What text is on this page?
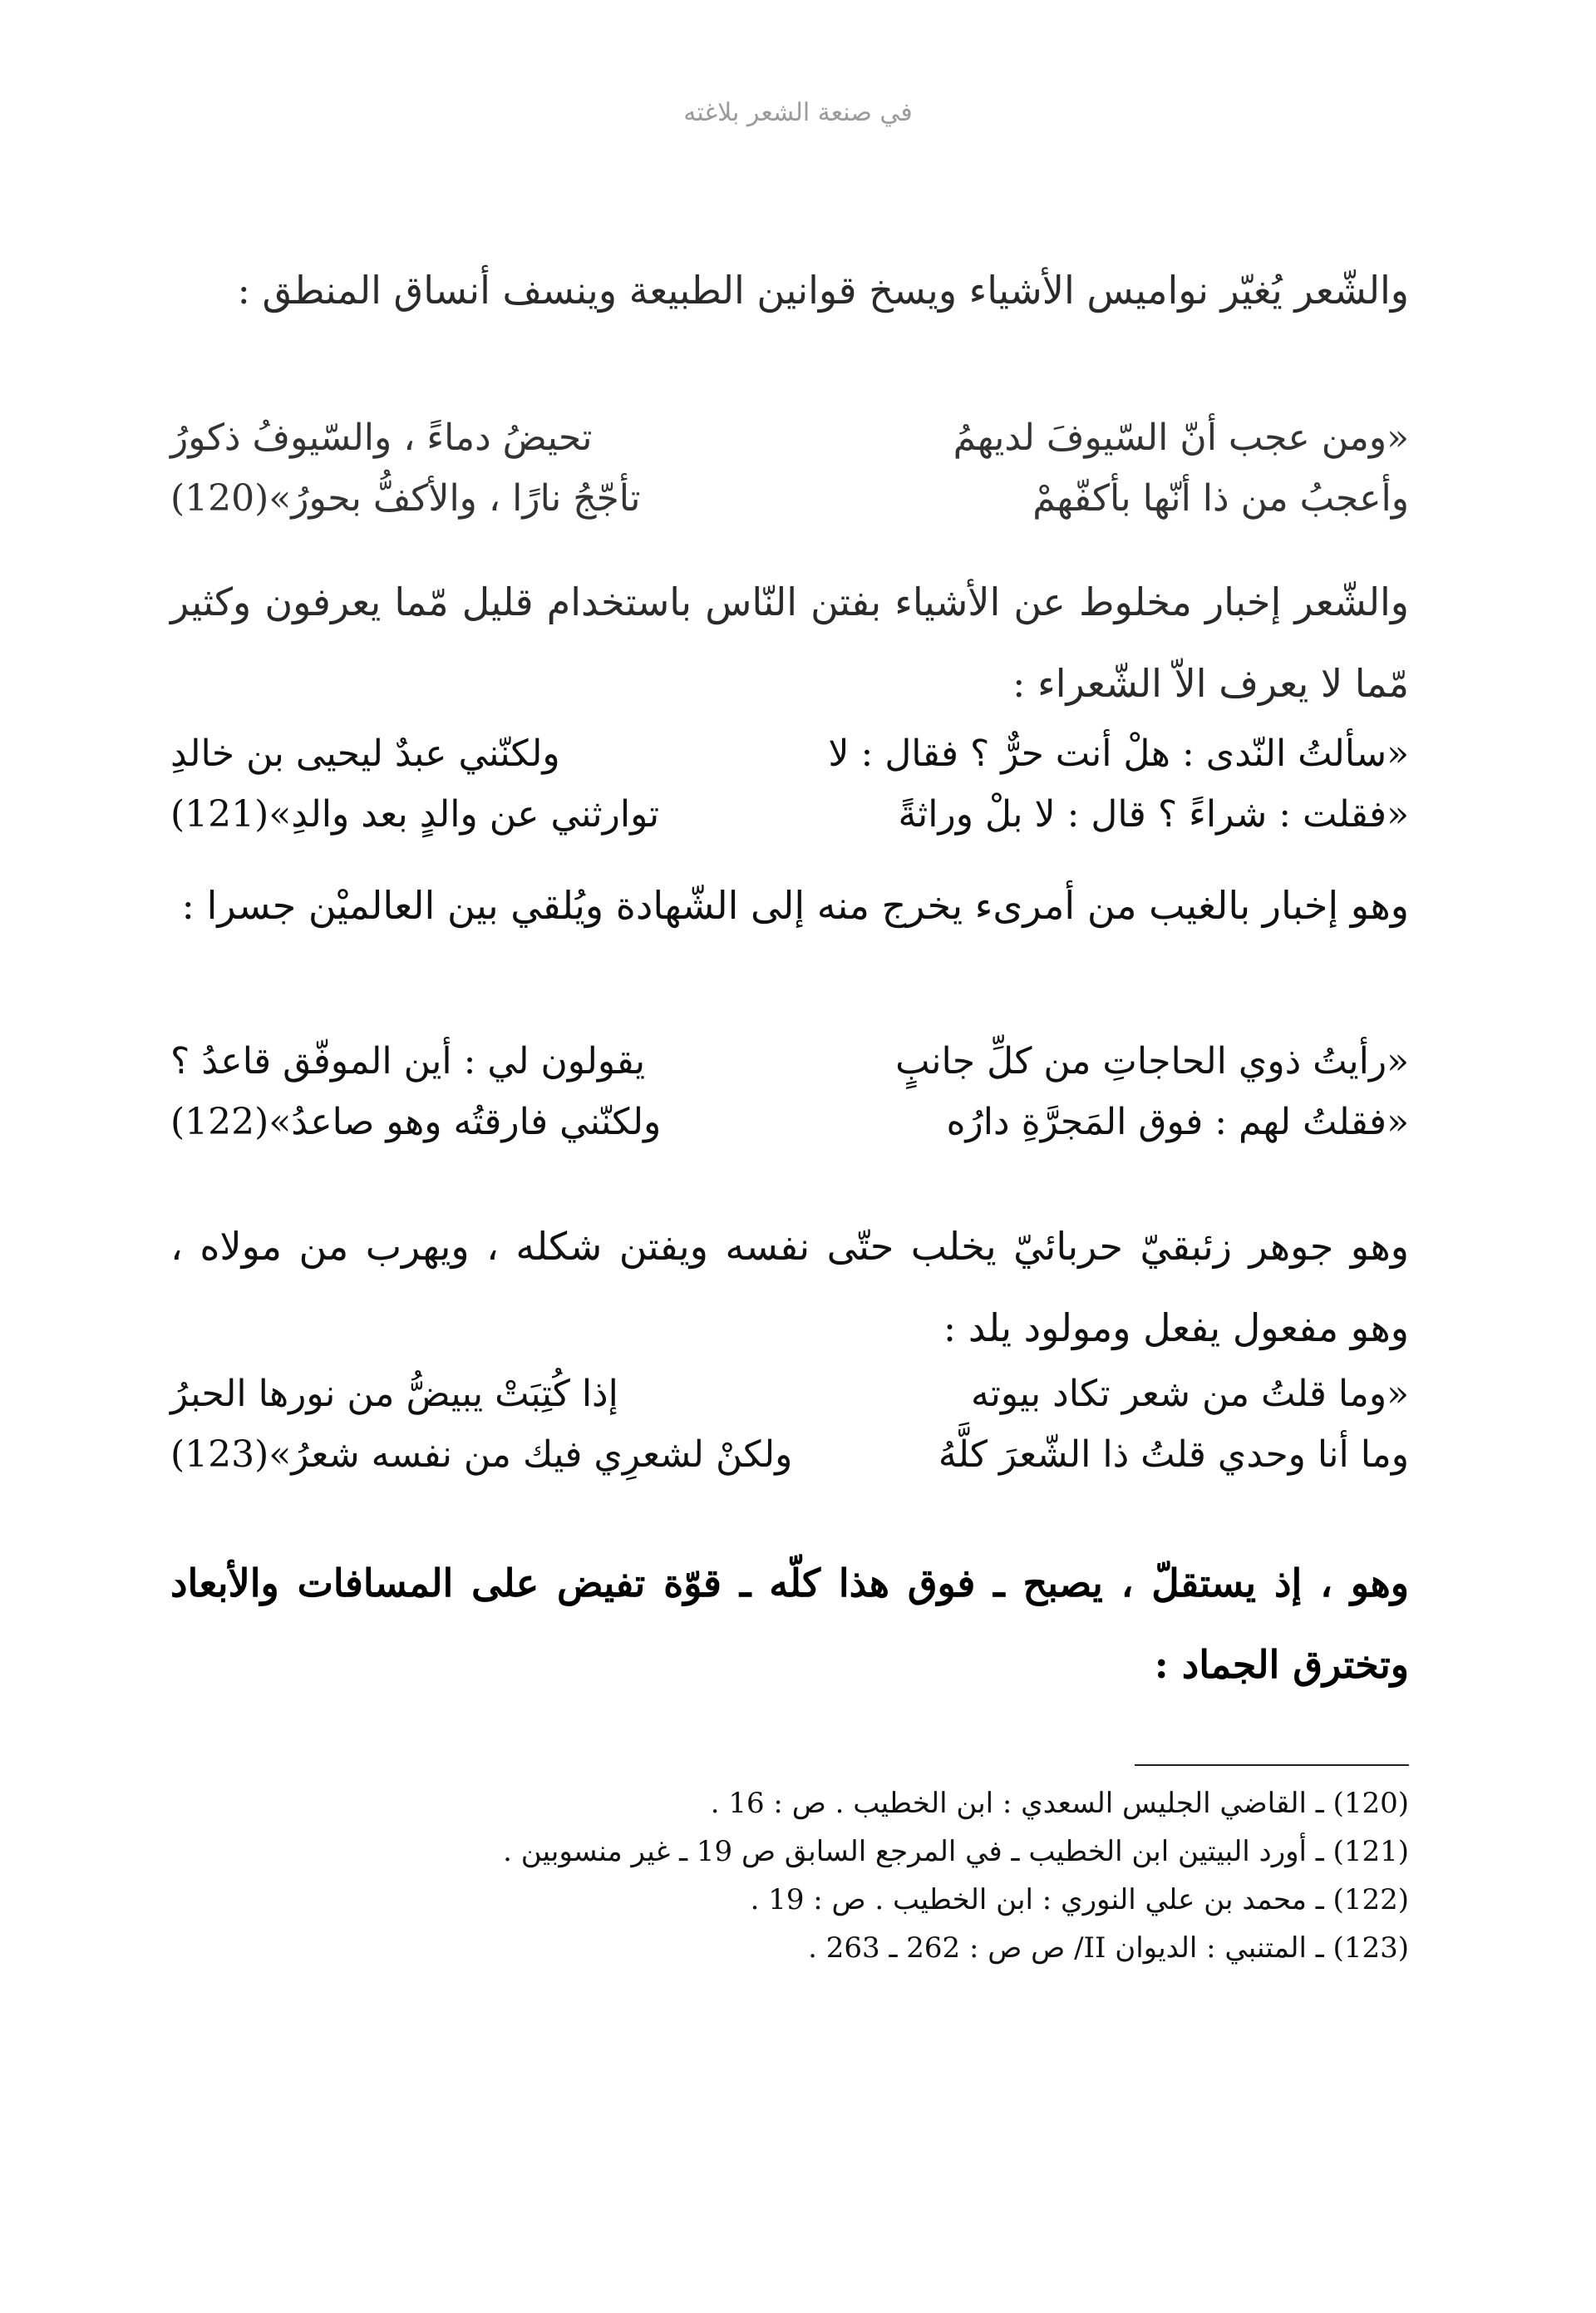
في صنعة الشعر بلاغته

والشّعر يُغيّر نواميس الأشياء ويسخ قوانين الطبيعة وينسف أنساق المنطق :

«ومن عجب أنّ السّيوفَ لديهمُ
تحيضُ دماءً ، والسّيوفُ ذكورُ
وأعجبُ من ذا أنّها بأكفّهمْ
تأجّجُ نارًا ، والأكفُّ بحورُ»(120)

والشّعر إخبار مخلوط عن الأشياء بفتن النّاس باستخدام قليل مّما يعرفون وكثير مّما لا يعرف الاّ الشّعراء :

«سألتُ النّدى : هلْ أنت حرٌّ ؟ فقال : لا
ولكنّني عبدٌ ليحيى بن خالدِ
«فقلت : شراءً ؟ قال : لا بلْ وراثةً
توارثني عن والدٍ بعد والدِ»(121)

وهو إخبار بالغيب من أمرىء يخرج منه إلى الشّهادة ويُلقي بين العالميْن جسرا :

«رأيتُ ذوي الحاجاتِ من كلِّ جانبٍ
يقولون لي : أين الموفّق قاعدُ ؟
«فقلتُ لهم : فوق المَجرَّةِ دارُه
ولكنّني فارقتُه وهو صاعدُ»(122)

وهو جوهر زئبقيّ حربائيّ يخلب حتّى نفسه ويفتن شكله ، ويهرب من مولاه ، وهو مفعول يفعل ومولود يلد :

«وما قلتُ من شعر تكاد بيوته
إذا كُتِبَتْ يبيضُّ من نورها الحبرُ
وما أنا وحدي قلتُ ذا الشّعرَ كلَّهُ
ولكنْ لشعرِي فيك من نفسه شعرُ»(123)

وهو ، إذ يستقلّ ، يصبح ـ فوق هذا كلّه ـ قوّة تفيض على المسافات والأبعاد وتخترق الجماد :

(120) ـ القاضي الجليس السعدي : ابن الخطيب . ص : 16 .
(121) ـ أورد البيتين ابن الخطيب ـ في المرجع السابق ص 19 ـ غير منسوبين .
(122) ـ محمد بن علي النوري : ابن الخطيب . ص : 19 .
(123) ـ المتنبي : الديوان II/ ص ص : 262 ـ 263 .
